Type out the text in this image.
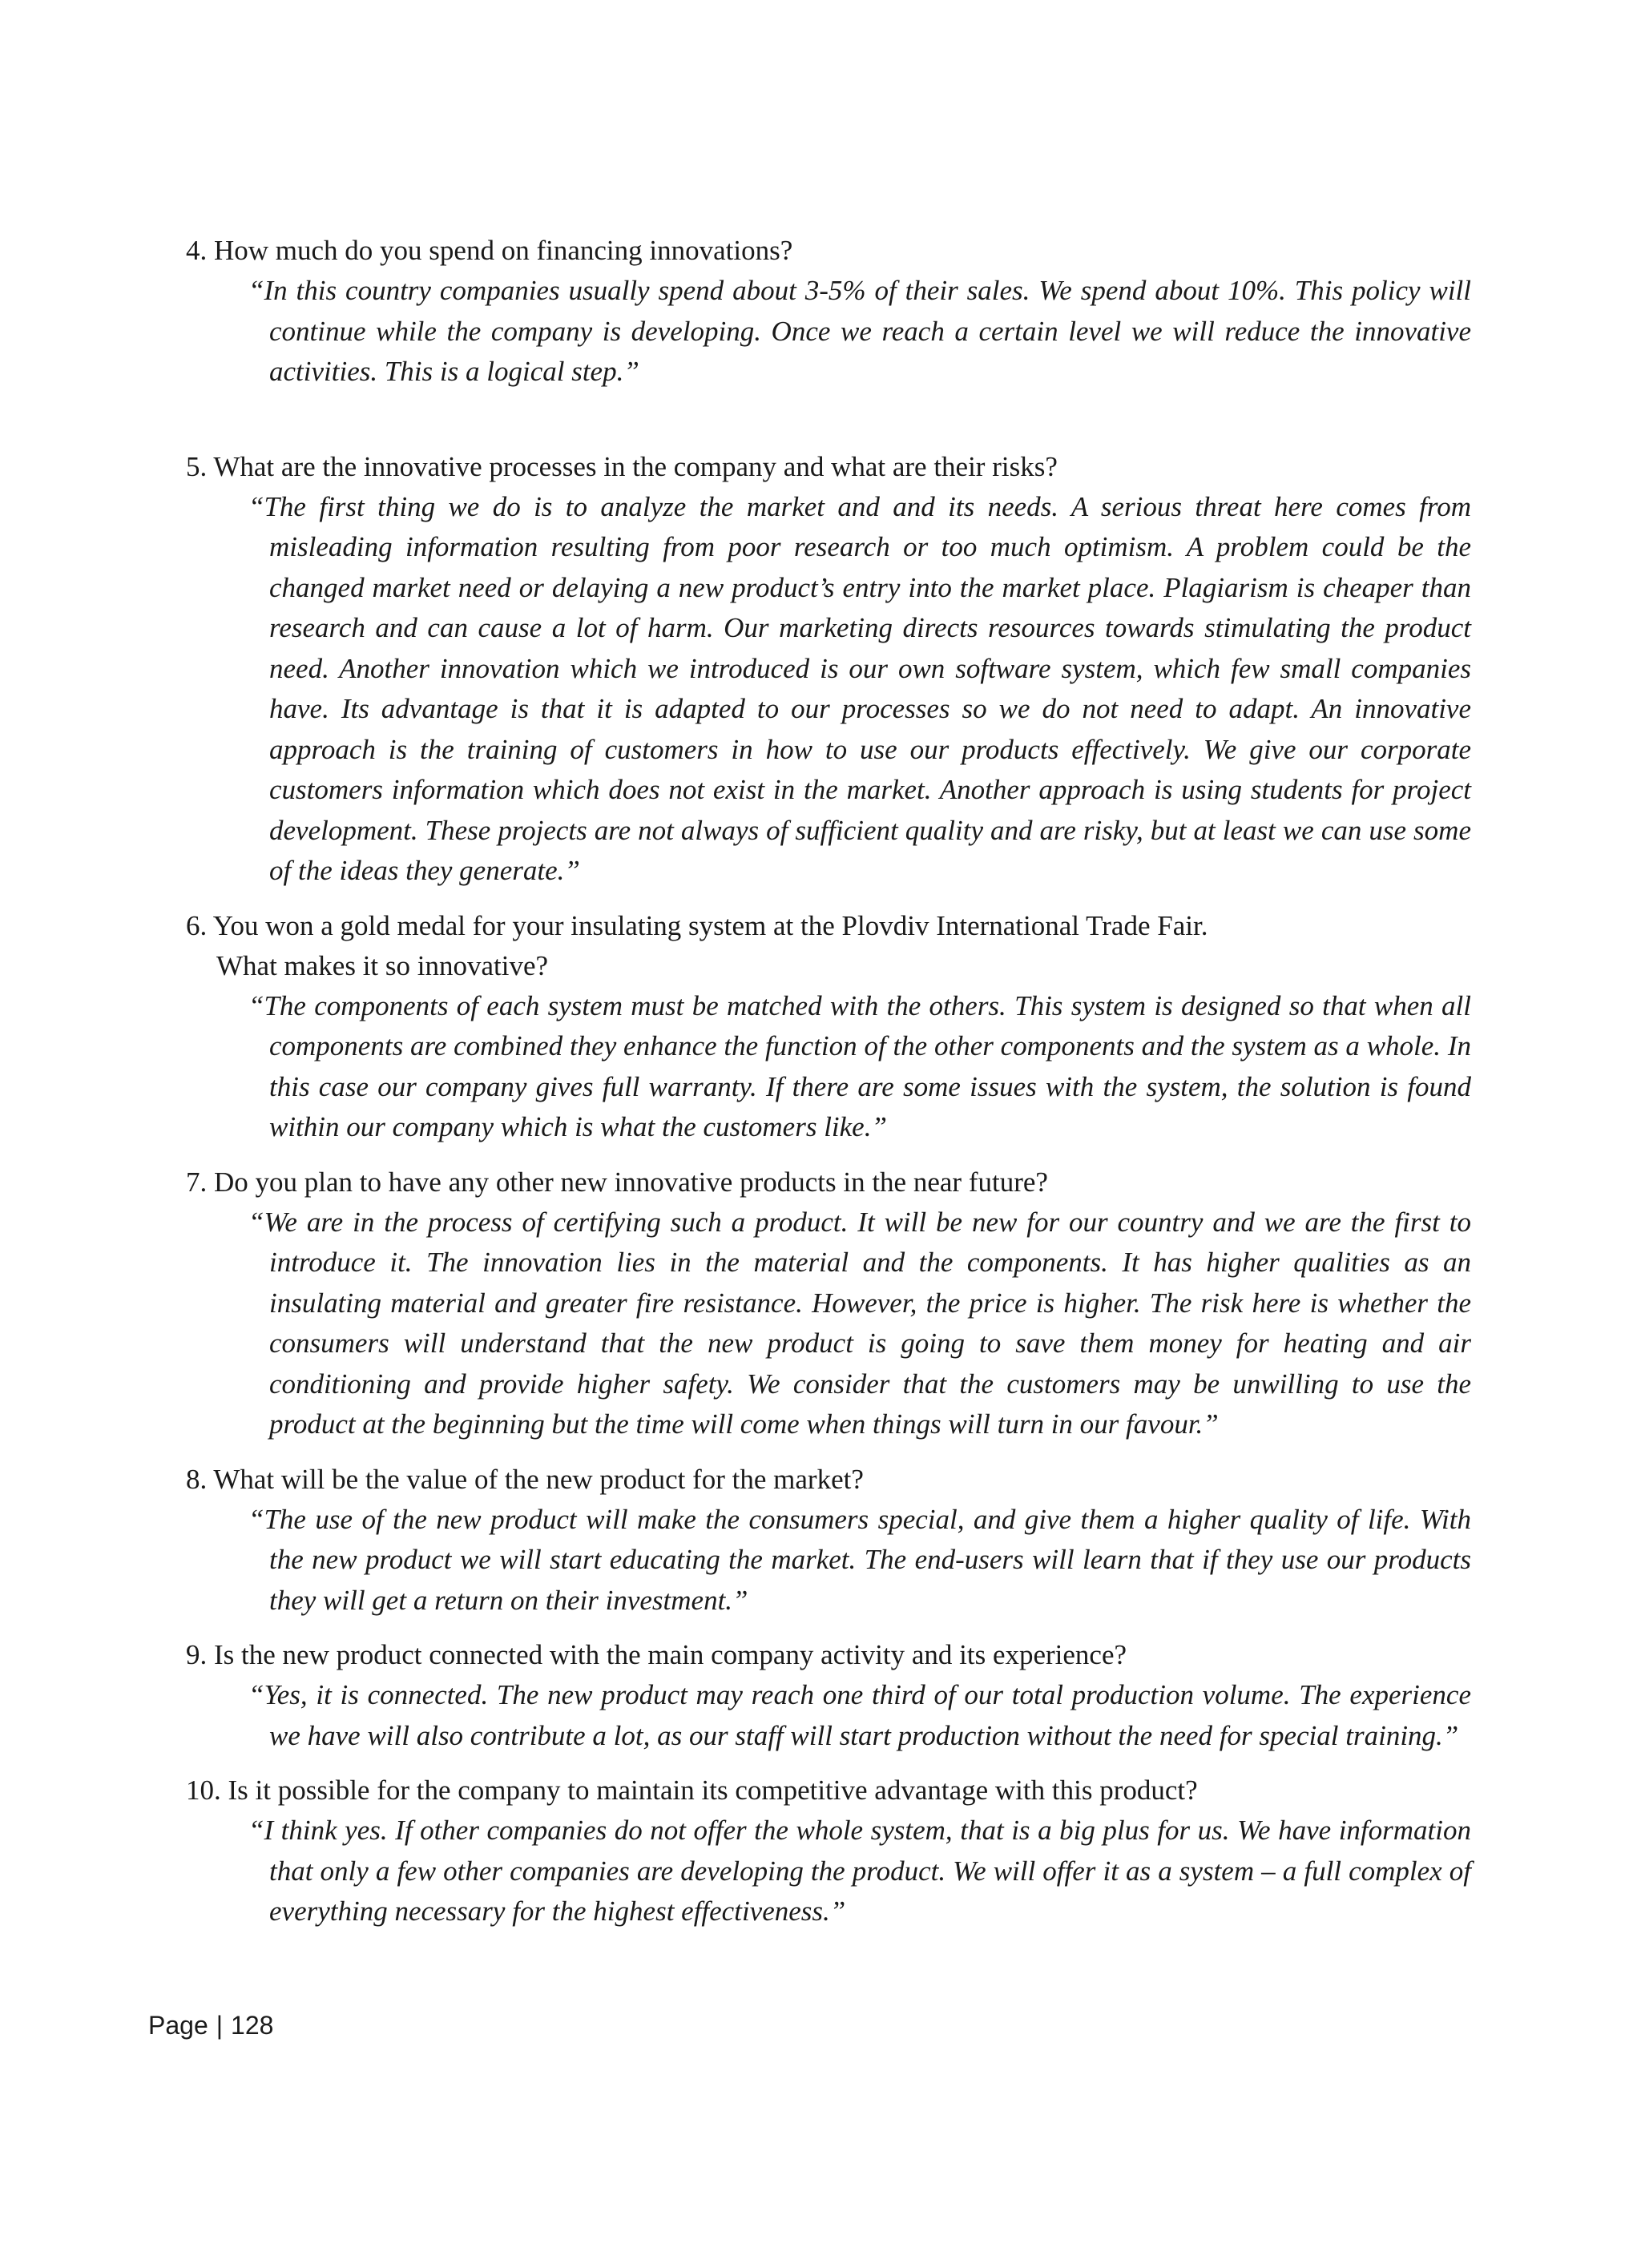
4. How much do you spend on financing innovations?
“In this country companies usually spend about 3-5% of their sales. We spend about 10%. This policy will continue while the company is developing. Once we reach a certain level we will reduce the innovative activities. This is a logical step.”
5. What are the innovative processes in the company and what are their risks?
“The first thing we do is to analyze the market and and its needs. A serious threat here comes from misleading information resulting from poor research or too much optimism. A problem could be the changed market need or delaying a new product’s entry into the market place. Plagiarism is cheaper than research and can cause a lot of harm. Our marketing directs resources towards stimulating the product need. Another innovation which we introduced is our own software system, which few small companies have. Its advantage is that it is adapted to our processes so we do not need to adapt. An innovative approach is the training of customers in how to use our products effectively. We give our corporate customers information which does not exist in the market. Another approach is using students for project development. These projects are not always of sufficient quality and are risky, but at least we can use some of the ideas they generate.”
6. You won a gold medal for your insulating system at the Plovdiv International Trade Fair.
What makes it so innovative?
“The components of each system must be matched with the others. This system is designed so that when all components are combined they enhance the function of the other components and the system as a whole. In this case our company gives full warranty. If there are some issues with the system, the solution is found within our company which is what the customers like.”
7. Do you plan to have any other new innovative products in the near future?
“We are in the process of certifying such a product. It will be new for our country and we are the first to introduce it. The innovation lies in the material and the components. It has higher qualities as an insulating material and greater fire resistance. However, the price is higher. The risk here is whether the consumers will understand that the new product is going to save them money for heating and air conditioning and provide higher safety. We consider that the customers may be unwilling to use the product at the beginning but the time will come when things will turn in our favour.”
8. What will be the value of the new product for the market?
“The use of the new product will make the consumers special, and give them a higher quality of life. With the new product we will start educating the market. The end-users will learn that if they use our products they will get a return on their investment.”
9. Is the new product connected with the main company activity and its experience?
“Yes, it is connected. The new product may reach one third of our total production volume. The experience we have will also contribute a lot, as our staff will start production without the need for special training.”
10. Is it possible for the company to maintain its competitive advantage with this product?
“I think yes. If other companies do not offer the whole system, that is a big plus for us. We have information that only a few other companies are developing the product. We will offer it as a system – a full complex of everything necessary for the highest effectiveness.”
Page | 128
